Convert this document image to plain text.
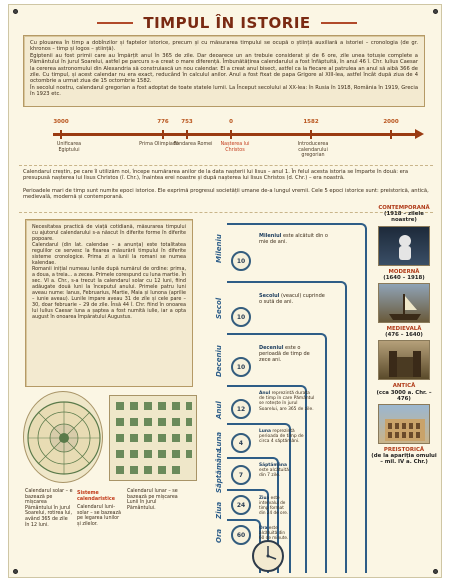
TIMPUL ÎN ISTORIE

Cu plouarea în timp a dobînzilor și faptelor istorice, precum și cu măsurarea timpului se ocupă o știință auxiliară a istoriei – cronologia (de gr. khronos – timp și logos – știință).

Egiptenii au fost primii care au împărțit anul în 365 de zile. Dar deoarece un an trebuie considerat și de 6 ore, zile unea totușie complete a Pământului în jurul Soarelui, astfel pe parcurs s-a creat o mare diferență. Îmbunătățirea calendarului a fost înfăptuită, în anul 46 î. Chr. Iulius Caesar la cererea astronomului din Alexandria să construiască un nou calendar. El a creat anul bisect, astfel ca la fiecare al patrulea an anul să aibă 366 de zile. Cu timpul, și acest calendar nu era exact, reducând în calculul anilor. Anul a fost fixat de papa Grigore al XIII-lea, astfel încât după ziua de 4 octombrie a urmat ziua de 15 octombrie 1582.

În secolul nostru, calendarul gregorian a fost adoptat de toate statele lumii. La Început secolului al XX-lea: în Rusia în 1918, România în 1919, Grecia în 1923 etc.

3000	776 753	0	1582	2000
Unificarea Egiptului
Prima Olimpiadă
Fondarea Romei	Nașterea lui Christos
Introducerea calendarului gregorian

Calendarul creștin, pe care îl utilizăm noi, începe numărarea anilor de la data nașterii lui Iisus – anul 1. În felul acesta istoria se împarte în două: era presupusă nașterea lui Iisus Christos (î. Chr.), înaintea erei noastre și după nașterea lui Iisus Christos (d. Chr.) – era noastră.

Perioadele mari de timp sunt numite epoci istorice. Ele exprimă progresul societății umane de-a lungul vremii. Cele 5 epoci istorice sunt: preistorică, antică, medievală, modernă și contemporană.

Necesitatea practică de viață cotidiană, măsurarea timpului cu ajutorul calendarului s-a născut în diferite forme în diferite popoare.

Calendarul (din lat. calendae – a anunța) este totalitatea regulilor ce servesc la fixarea măsurării timpului în diferite sisteme cronologice. Prima zi a lunii la romani se numea kalendae.

Romanii inițial numeau lunile după numărul de ordine: prima, a doua, a treia... a zecea. Primele corespund cu luna martie. În sec. VI a. Chr., s-a trecut la calendarul solar cu 12 luni, fiind adăugate două luni la începutul anului. Primele patru luni aveau nume: Ianus, Februarius, Martie, Maia și Iunona (aprilie – iunie aveau). Lunile impare aveau 31 de zile și cele pare – 30, doar februarie – 29 de zile. Însă 44 î. Chr. fiind în onoarea lui Iulius Caesar luna a șaptea a fost numită iulie, iar a opta august în onoarea împăratului Augustus.

Calendarul solar – e bazează pe mișcarea Pământului în jurul Soarelui, rotirea lui, având 365 de zile în 12 luni.
Sisteme calendaristice
Calendarul luni-solar – se bazează pe legarea lunilor și zilelor.
Calendarul lunar – se bazează pe mișcarea Lunii în jurul Pământului.
Mileniu	10
Mileniul este alcătuit din o mie de ani.
Secol	10
Secolul (veacul) cuprinde o sută de ani.
Deceniu	10
Deceniul este o perioadă de timp de zece ani.
Anul	12
Anul reprezintă durata de timp în care Pământul se rotește în jurul Soarelui, are 365 de zile.
Luna	4
Luna reprezintă perioada de timp de circa 4 săptămâni.
Săptămâna	7
Săptămâna este alcătuită din 7 zile.
Ziua	24
Ziua este intervalul de timp format din 24 de ore.
Ora	60
Ora este alcătuită din 60 de minute.
CONTEMPORANĂ
(1918 – zilele noastre)
MODERNĂ
(1640 – 1918)
MEDIEVALĂ
(476 – 1640)
ANTICĂ
(cca 3000 a. Chr. – 476)
PREISTORICĂ
(de la apariția omului – mil. IV a. Chr.)
